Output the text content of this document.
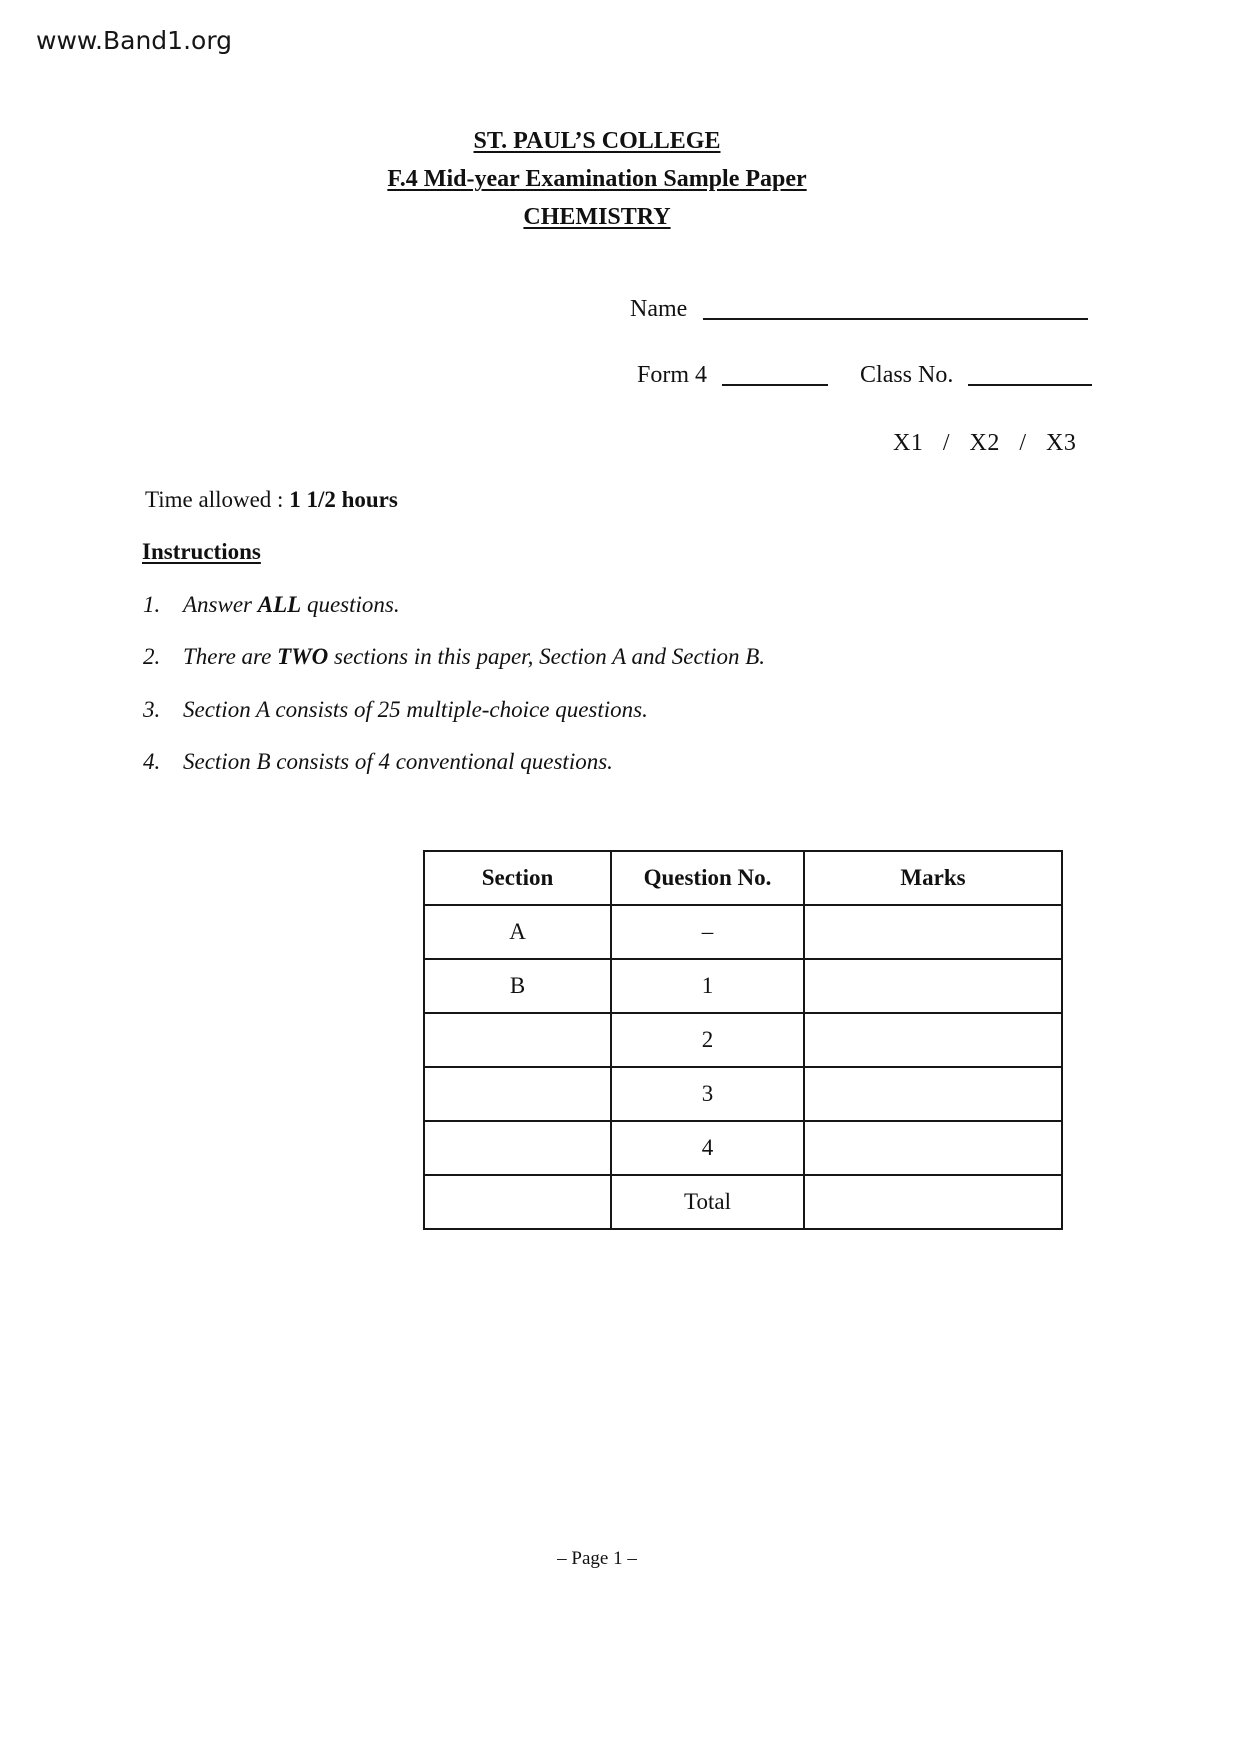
www.Band1.org
ST. PAUL’S COLLEGE
F.4 Mid-year Examination Sample Paper
CHEMISTRY
Name
Form 4	Class No.
X1   /   X2   /   X3
Time allowed : 1 1/2 hours
Instructions
1. Answer ALL questions.
2. There are TWO sections in this paper, Section A and Section B.
3. Section A consists of 25 multiple-choice questions.
4. Section B consists of 4 conventional questions.
Section	Question No.	Marks
A	–	
B	1	
	2	
	3	
	4	
	Total	
– Page 1 –
